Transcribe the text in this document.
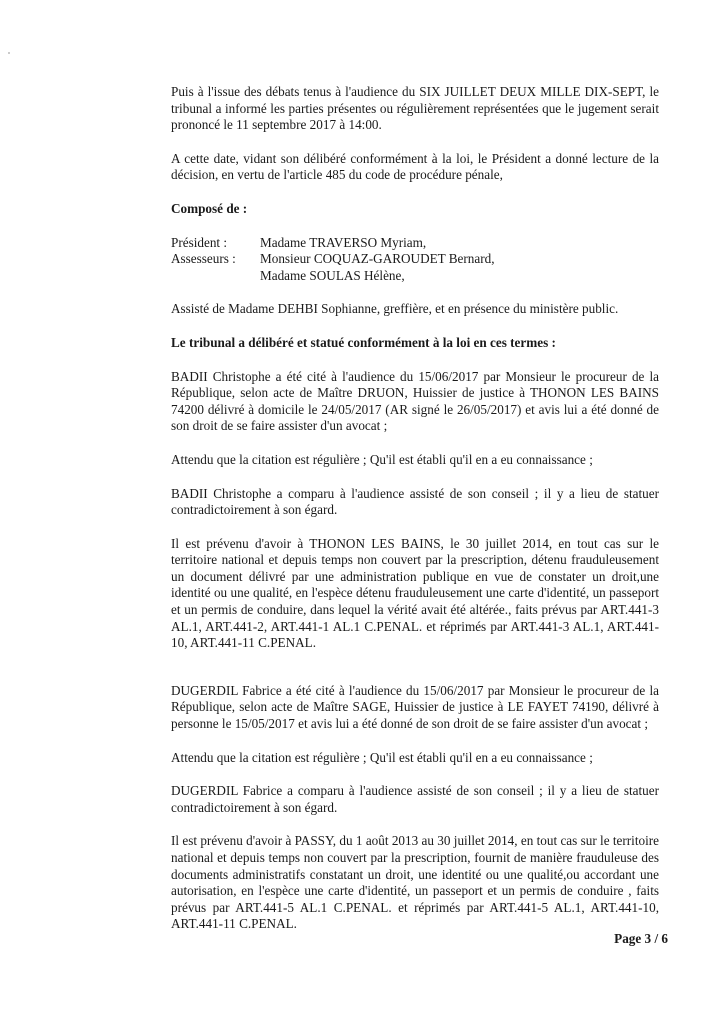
Puis à l'issue des débats tenus à l'audience du SIX JUILLET DEUX MILLE DIX-SEPT, le tribunal a informé les parties présentes ou régulièrement représentées que le jugement serait prononcé le 11 septembre 2017 à 14:00.

A cette date, vidant son délibéré conformément à la loi, le Président a donné lecture de la décision, en vertu de l'article 485 du code de procédure pénale,

Composé de :

Président :	Madame TRAVERSO Myriam,
Assesseurs :	Monsieur COQUAZ-GAROUDET Bernard,
Madame SOULAS Hélène,

Assisté de Madame DEHBI Sophianne, greffière, et en présence du ministère public.

Le tribunal a délibéré et statué conformément à la loi en ces termes :

BADII Christophe a été cité à l'audience du 15/06/2017 par Monsieur le procureur de la République, selon acte de Maître DRUON, Huissier de justice à THONON LES BAINS 74200 délivré à domicile le 24/05/2017 (AR signé le 26/05/2017) et avis lui a été donné de son droit de se faire assister d'un avocat ;

Attendu que la citation est régulière ; Qu'il est établi qu'il en a eu connaissance ;

BADII Christophe a comparu à l'audience assisté de son conseil ; il y a lieu de statuer contradictoirement à son égard.

Il est prévenu d'avoir à THONON LES BAINS, le 30 juillet 2014, en tout cas sur le territoire national et depuis temps non couvert par la prescription, détenu frauduleusement un document délivré par une administration publique en vue de constater un droit,une identité ou une qualité, en l'espèce détenu frauduleusement une carte d'identité, un passeport et un permis de conduire, dans lequel la vérité avait été altérée., faits prévus par ART.441-3 AL.1, ART.441-2, ART.441-1 AL.1 C.PENAL. et réprimés par ART.441-3 AL.1, ART.441-10, ART.441-11 C.PENAL.

DUGERDIL Fabrice a été cité à l'audience du 15/06/2017 par Monsieur le procureur de la République, selon acte de Maître SAGE, Huissier de justice à LE FAYET 74190, délivré à personne le 15/05/2017 et avis lui a été donné de son droit de se faire assister d'un avocat ;

Attendu que la citation est régulière ; Qu'il est établi qu'il en a eu connaissance ;

DUGERDIL Fabrice a comparu à l'audience assisté de son conseil ; il y a lieu de statuer contradictoirement à son égard.

Il est prévenu d'avoir à PASSY, du 1 août 2013 au 30 juillet 2014, en tout cas sur le territoire national et depuis temps non couvert par la prescription, fournit de manière frauduleuse des documents administratifs constatant un droit, une identité ou une qualité,ou accordant une autorisation, en l'espèce une carte d'identité, un passeport et un permis de conduire , faits prévus par ART.441-5 AL.1 C.PENAL. et réprimés par ART.441-5 AL.1, ART.441-10, ART.441-11 C.PENAL.

Page 3 / 6
